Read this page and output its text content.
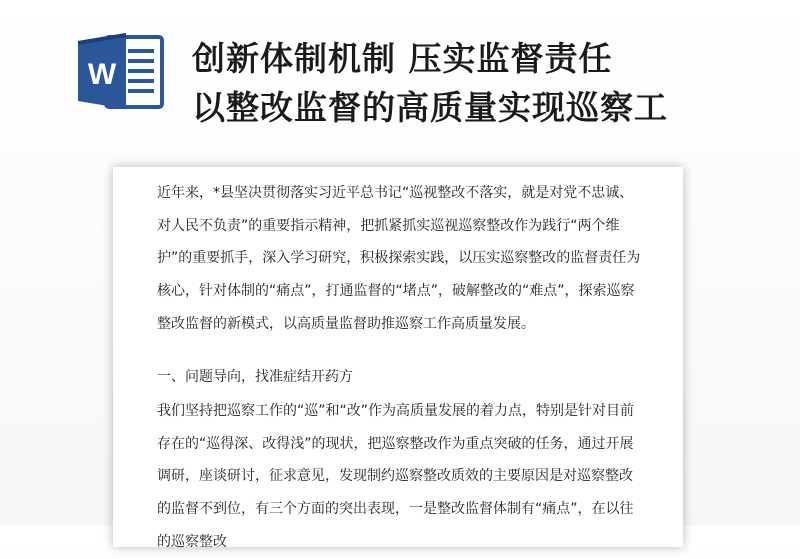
W 创新体制机制 压实监督责任
以整改监督的高质量实现巡察工

近年来，*县坚决贯彻落实习近平总书记“巡视整改不落实，就是对党不忠诚、对人民不负责”的重要指示精神，把抓紧抓实巡视巡察整改作为践行“两个维护”的重要抓手，深入学习研究，积极探索实践，以压实巡察整改的监督责任为核心，针对体制的“痛点”，打通监督的“堵点”，破解整改的“难点”，探索巡察整改监督的新模式，以高质量监督助推巡察工作高质量发展。

一、问题导向，找准症结开药方

我们坚持把巡察工作的“巡”和“改”作为高质量发展的着力点，特别是针对目前存在的“巡得深、改得浅”的现状，把巡察整改作为重点突破的任务，通过开展调研，座谈研讨，征求意见，发现制约巡察整改质效的主要原因是对巡察整改的监督不到位，有三个方面的突出表现，一是整改监督体制有“痛点”，在以往的巡察整改
